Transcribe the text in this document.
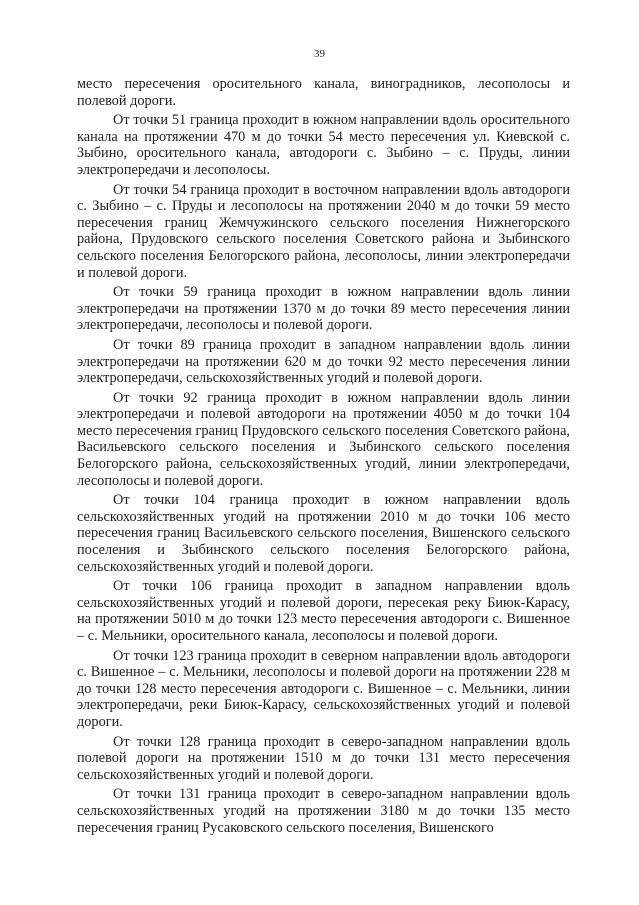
39

место пересечения оросительного канала, виноградников, лесополосы и полевой дороги.

От точки 51 граница проходит в южном направлении вдоль оросительного канала на протяжении 470 м до точки 54 место пересечения ул. Киевской с. Зыбино, оросительного канала, автодороги с. Зыбино – с. Пруды, линии электропередачи и лесополосы.

От точки 54 граница проходит в восточном направлении вдоль автодороги с. Зыбино – с. Пруды и лесополосы на протяжении 2040 м до точки 59 место пересечения границ Жемчужинского сельского поселения Нижнегорского района, Прудовского сельского поселения Советского района и Зыбинского сельского поселения Белогорского района, лесополосы, линии электропередачи и полевой дороги.

От точки 59 граница проходит в южном направлении вдоль линии электропередачи на протяжении 1370 м до точки 89 место пересечения линии электропередачи, лесополосы и полевой дороги.

От точки 89 граница проходит в западном направлении вдоль линии электропередачи на протяжении 620 м до точки 92 место пересечения линии электропередачи, сельскохозяйственных угодий и полевой дороги.

От точки 92 граница проходит в южном направлении вдоль линии электропередачи и полевой автодороги на протяжении 4050 м до точки 104 место пересечения границ Прудовского сельского поселения Советского района, Васильевского сельского поселения и Зыбинского сельского поселения Белогорского района, сельскохозяйственных угодий, линии электропередачи, лесополосы и полевой дороги.

От точки 104 граница проходит в южном направлении вдоль сельскохозяйственных угодий на протяжении 2010 м до точки 106 место пересечения границ Васильевского сельского поселения, Вишенского сельского поселения и Зыбинского сельского поселения Белогорского района, сельскохозяйственных угодий и полевой дороги.

От точки 106 граница проходит в западном направлении вдоль сельскохозяйственных угодий и полевой дороги, пересекая реку Биюк-Карасу, на протяжении 5010 м до точки 123 место пересечения автодороги с. Вишенное – с. Мельники, оросительного канала, лесополосы и полевой дороги.

От точки 123 граница проходит в северном направлении вдоль автодороги с. Вишенное – с. Мельники, лесополосы и полевой дороги на протяжении 228 м до точки 128 место пересечения автодороги с. Вишенное – с. Мельники, линии электропередачи, реки Биюк-Карасу, сельскохозяйственных угодий и полевой дороги.

От точки 128 граница проходит в северо-западном направлении вдоль полевой дороги на протяжении 1510 м до точки 131 место пересечения сельскохозяйственных угодий и полевой дороги.

От точки 131 граница проходит в северо-западном направлении вдоль сельскохозяйственных угодий на протяжении 3180 м до точки 135 место пересечения границ Русаковского сельского поселения, Вишенского
